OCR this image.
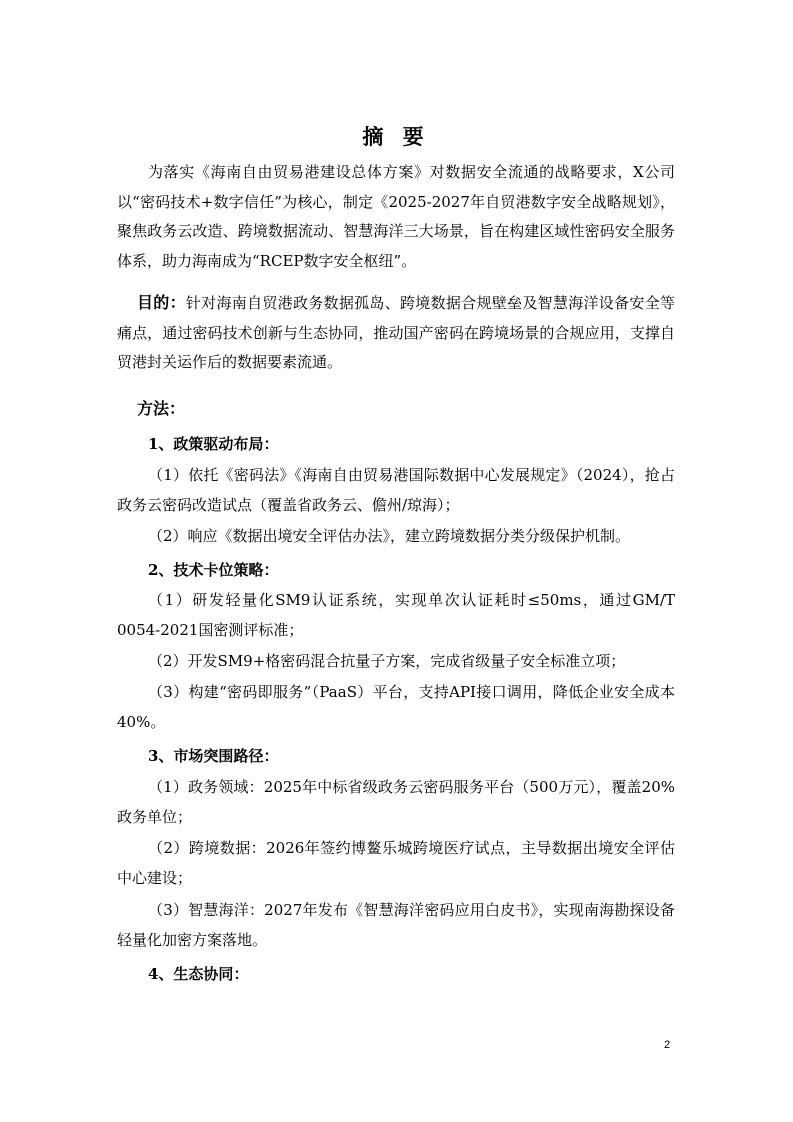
摘 要

为落实《海南自由贸易港建设总体方案》对数据安全流通的战略要求，X公司以“密码技术+数字信任”为核心，制定《2025-2027年自贸港数字安全战略规划》，聚焦政务云改造、跨境数据流动、智慧海洋三大场景，旨在构建区域性密码安全服务体系，助力海南成为“RCEP数字安全枢纽”。

目的：针对海南自贸港政务数据孤岛、跨境数据合规壁垒及智慧海洋设备安全等痛点，通过密码技术创新与生态协同，推动国产密码在跨境场景的合规应用，支撑自贸港封关运作后的数据要素流通。

方法：
1、政策驱动布局：

（1）依托《密码法》《海南自由贸易港国际数据中心发展规定》（2024），抢占政务云密码改造试点（覆盖省政务云、儋州/琼海）；

（2）响应《数据出境安全评估办法》，建立跨境数据分类分级保护机制。

2、技术卡位策略：

（1）研发轻量化SM9认证系统，实现单次认证耗时≤50ms，通过GM/T 0054-2021国密测评标准；

（2）开发SM9+格密码混合抗量子方案，完成省级量子安全标准立项；

（3）构建“密码即服务”（PaaS）平台，支持API接口调用，降低企业安全成本40%。

3、市场突围路径：

（1）政务领域：2025年中标省级政务云密码服务平台（500万元），覆盖20%政务单位；

（2）跨境数据：2026年签约博鳌乐城跨境医疗试点，主导数据出境安全评估中心建设；

（3）智慧海洋：2027年发布《智慧海洋密码应用白皮书》，实现南海勘探设备轻量化加密方案落地。

4、生态协同：
2
